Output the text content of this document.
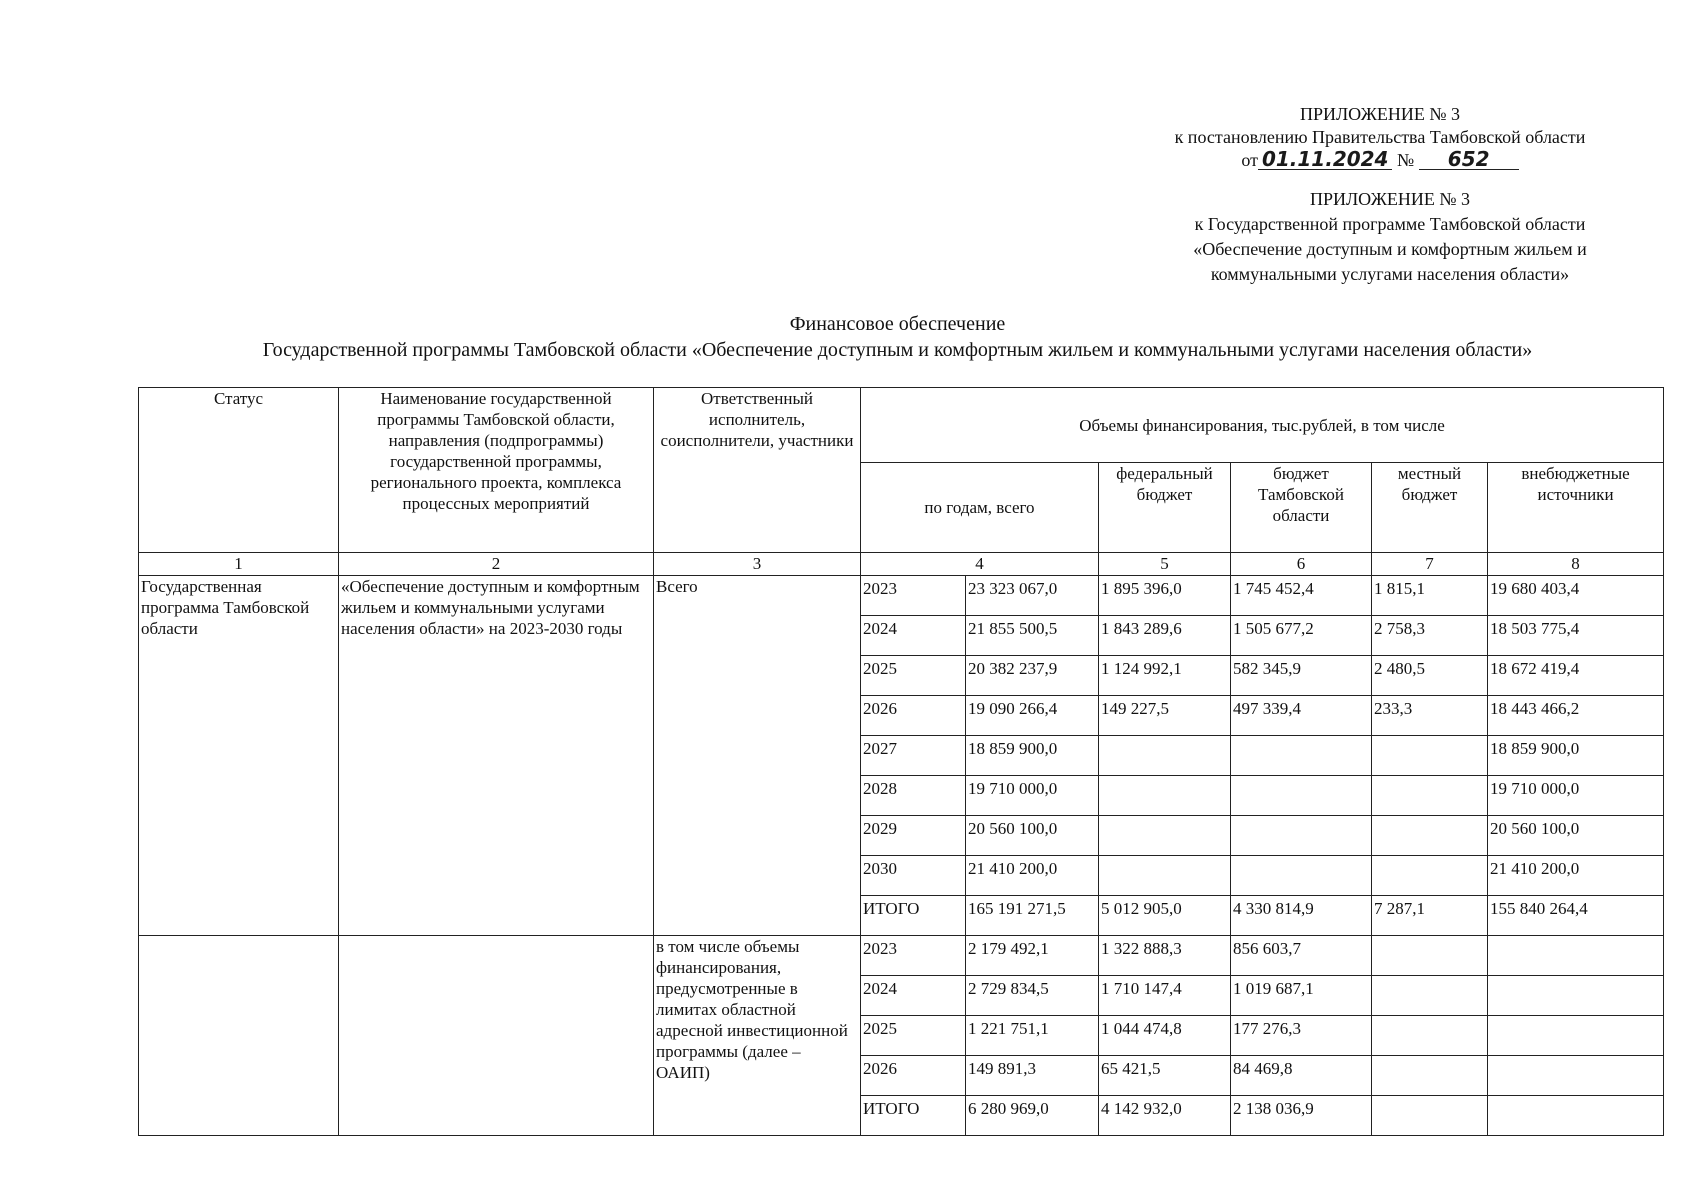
ПРИЛОЖЕНИЕ № 3
к постановлению Правительства Тамбовской области
от 01.11.2024 № 652
ПРИЛОЖЕНИЕ № 3
к Государственной программе Тамбовской области
«Обеспечение доступным и комфортным жильем и
коммунальными услугами населения области»
Финансовое обеспечение
Государственной программы Тамбовской области «Обеспечение доступным и комфортным жильем и коммунальными услугами населения области»
Статус	Наименование государственной программы Тамбовской области, направления (подпрограммы) государственной программы, регионального проекта, комплекса процессных мероприятий	Ответственный исполнитель, соисполнители, участники	Объемы финансирования, тыс.рублей, в том числе					
			по годам, всего		федеральный бюджет	бюджет Тамбовской области	местный бюджет	внебюджетные источники
1	2	3	4		5	6	7	8
Государственная программа Тамбовской области	«Обеспечение доступным и комфортным жильем и коммунальными услугами населения области» на 2023-2030 годы	Всего	2023	23 323 067,0	1 895 396,0	1 745 452,4	1 815,1	19 680 403,4
			2024	21 855 500,5	1 843 289,6	1 505 677,2	2 758,3	18 503 775,4
			2025	20 382 237,9	1 124 992,1	582 345,9	2 480,5	18 672 419,4
			2026	19 090 266,4	149 227,5	497 339,4	233,3	18 443 466,2
			2027	18 859 900,0				18 859 900,0
			2028	19 710 000,0				19 710 000,0
			2029	20 560 100,0				20 560 100,0
			2030	21 410 200,0				21 410 200,0
			ИТОГО	165 191 271,5	5 012 905,0	4 330 814,9	7 287,1	155 840 264,4
		в том числе объемы финансирования, предусмотренные в лимитах областной адресной инвестиционной программы (далее – ОАИП)	2023	2 179 492,1	1 322 888,3	856 603,7		
			2024	2 729 834,5	1 710 147,4	1 019 687,1		
			2025	1 221 751,1	1 044 474,8	177 276,3		
			2026	149 891,3	65 421,5	84 469,8		
			ИТОГО	6 280 969,0	4 142 932,0	2 138 036,9		
